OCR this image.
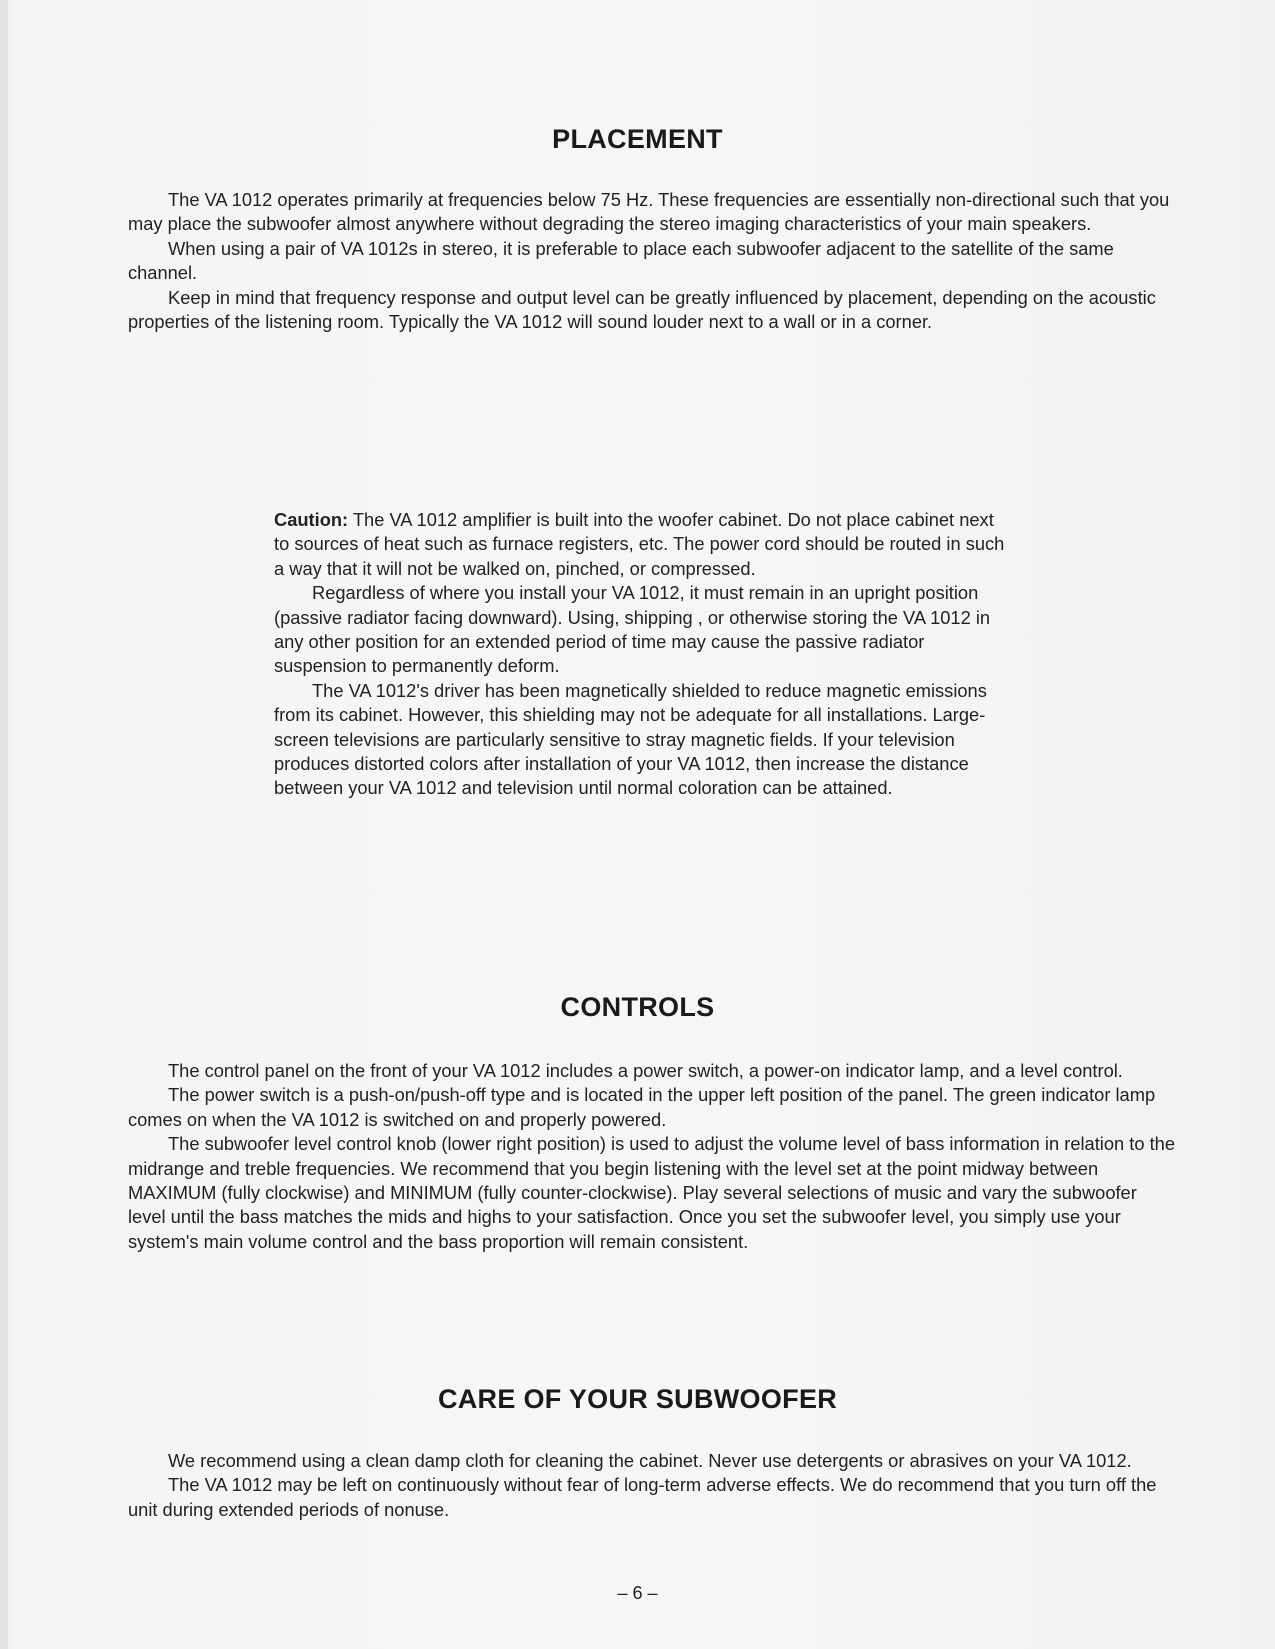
PLACEMENT

The VA 1012 operates primarily at frequencies below 75 Hz. These frequencies are essentially non-directional such that you may place the subwoofer almost anywhere without degrading the stereo imaging characteristics of your main speakers.

When using a pair of VA 1012s in stereo, it is preferable to place each subwoofer adjacent to the satellite of the same channel.

Keep in mind that frequency response and output level can be greatly influenced by placement, depending on the acoustic properties of the listening room. Typically the VA 1012 will sound louder next to a wall or in a corner.

Caution: The VA 1012 amplifier is built into the woofer cabinet. Do not place cabinet next to sources of heat such as furnace registers, etc. The power cord should be routed in such a way that it will not be walked on, pinched, or compressed.

Regardless of where you install your VA 1012, it must remain in an upright position (passive radiator facing downward). Using, shipping , or otherwise storing the VA 1012 in any other position for an extended period of time may cause the passive radiator suspension to permanently deform.

The VA 1012's driver has been magnetically shielded to reduce magnetic emissions from its cabinet. However, this shielding may not be adequate for all installations. Large-screen televisions are particularly sensitive to stray magnetic fields. If your television produces distorted colors after installation of your VA 1012, then increase the distance between your VA 1012 and television until normal coloration can be attained.

CONTROLS

The control panel on the front of your VA 1012 includes a power switch, a power-on indicator lamp, and a level control.

The power switch is a push-on/push-off type and is located in the upper left position of the panel. The green indicator lamp comes on when the VA 1012 is switched on and properly powered.

The subwoofer level control knob (lower right position) is used to adjust the volume level of bass information in relation to the midrange and treble frequencies. We recommend that you begin listening with the level set at the point midway between MAXIMUM (fully clockwise) and MINIMUM (fully counter-clockwise). Play several selections of music and vary the subwoofer level until the bass matches the mids and highs to your satisfaction. Once you set the subwoofer level, you simply use your system's main volume control and the bass proportion will remain consistent.

CARE OF YOUR SUBWOOFER

We recommend using a clean damp cloth for cleaning the cabinet. Never use detergents or abrasives on your VA 1012.

The VA 1012 may be left on continuously without fear of long-term adverse effects. We do recommend that you turn off the unit during extended periods of nonuse.

– 6 –
